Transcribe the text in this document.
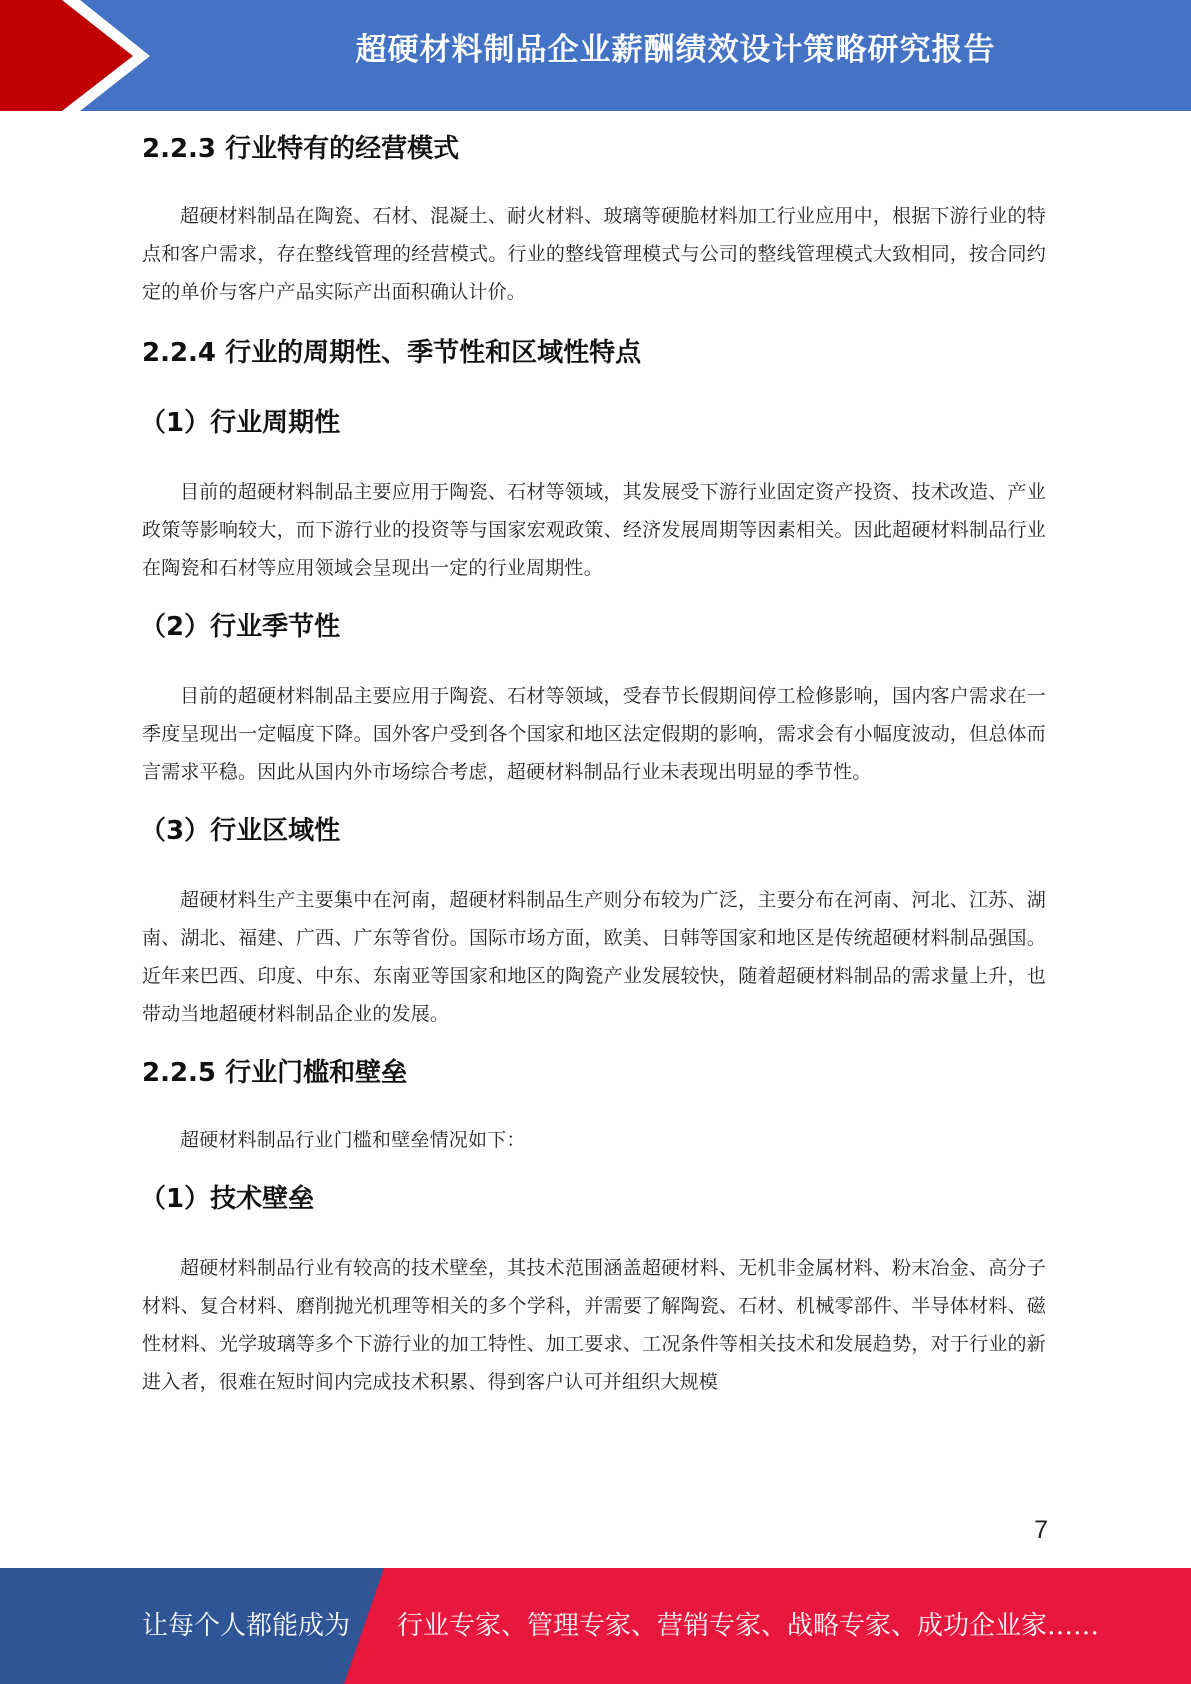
超硬材料制品企业薪酬绩效设计策略研究报告
2.2.3 行业特有的经营模式

超硬材料制品在陶瓷、石材、混凝土、耐火材料、玻璃等硬脆材料加工行业应用中，根据下游行业的特点和客户需求，存在整线管理的经营模式。行业的整线管理模式与公司的整线管理模式大致相同，按合同约定的单价与客户产品实际产出面积确认计价。

2.2.4 行业的周期性、季节性和区域性特点
（1）行业周期性

目前的超硬材料制品主要应用于陶瓷、石材等领域，其发展受下游行业固定资产投资、技术改造、产业政策等影响较大，而下游行业的投资等与国家宏观政策、经济发展周期等因素相关。因此超硬材料制品行业在陶瓷和石材等应用领域会呈现出一定的行业周期性。

（2）行业季节性

目前的超硬材料制品主要应用于陶瓷、石材等领域，受春节长假期间停工检修影响，国内客户需求在一季度呈现出一定幅度下降。国外客户受到各个国家和地区法定假期的影响，需求会有小幅度波动，但总体而言需求平稳。因此从国内外市场综合考虑，超硬材料制品行业未表现出明显的季节性。

（3）行业区域性

超硬材料生产主要集中在河南，超硬材料制品生产则分布较为广泛，主要分布在河南、河北、江苏、湖南、湖北、福建、广西、广东等省份。国际市场方面，欧美、日韩等国家和地区是传统超硬材料制品强国。近年来巴西、印度、中东、东南亚等国家和地区的陶瓷产业发展较快，随着超硬材料制品的需求量上升，也带动当地超硬材料制品企业的发展。

2.2.5 行业门槛和壁垒

超硬材料制品行业门槛和壁垒情况如下：

（1）技术壁垒

超硬材料制品行业有较高的技术壁垒，其技术范围涵盖超硬材料、无机非金属材料、粉末冶金、高分子材料、复合材料、磨削抛光机理等相关的多个学科，并需要了解陶瓷、石材、机械零部件、半导体材料、磁性材料、光学玻璃等多个下游行业的加工特性、加工要求、工况条件等相关技术和发展趋势，对于行业的新进入者，很难在短时间内完成技术积累、得到客户认可并组织大规模

7
让每个人都能成为 行业专家、管理专家、营销专家、战略专家、成功企业家……
